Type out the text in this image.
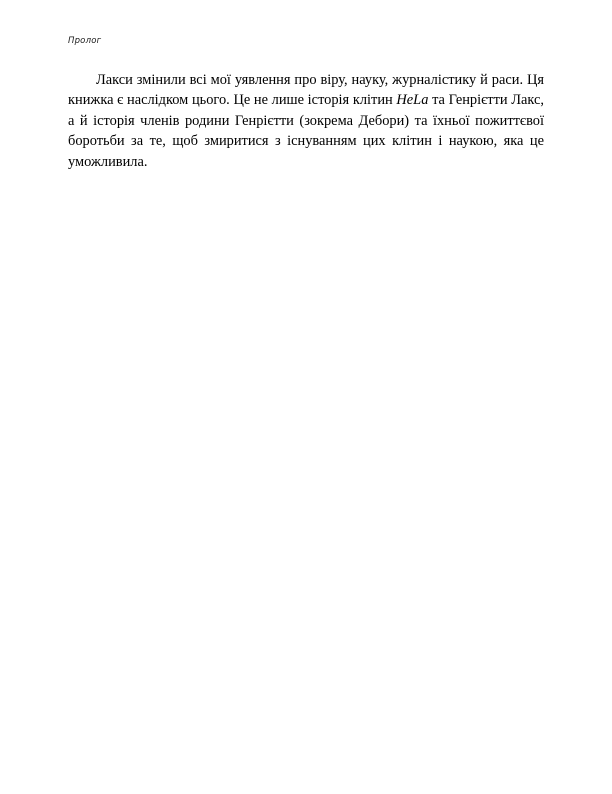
Пролог

Лакси змінили всі мої уявлення про віру, науку, журналістику й раси. Ця книжка є наслідком цього. Це не лише історія клітин HeLa та Генрієтти Лакс, а й історія членів родини Генрієтти (зокрема Дебори) та їхньої пожиттєвої боротьби за те, щоб змиритися з існуванням цих клітин і наукою, яка це уможливила.
